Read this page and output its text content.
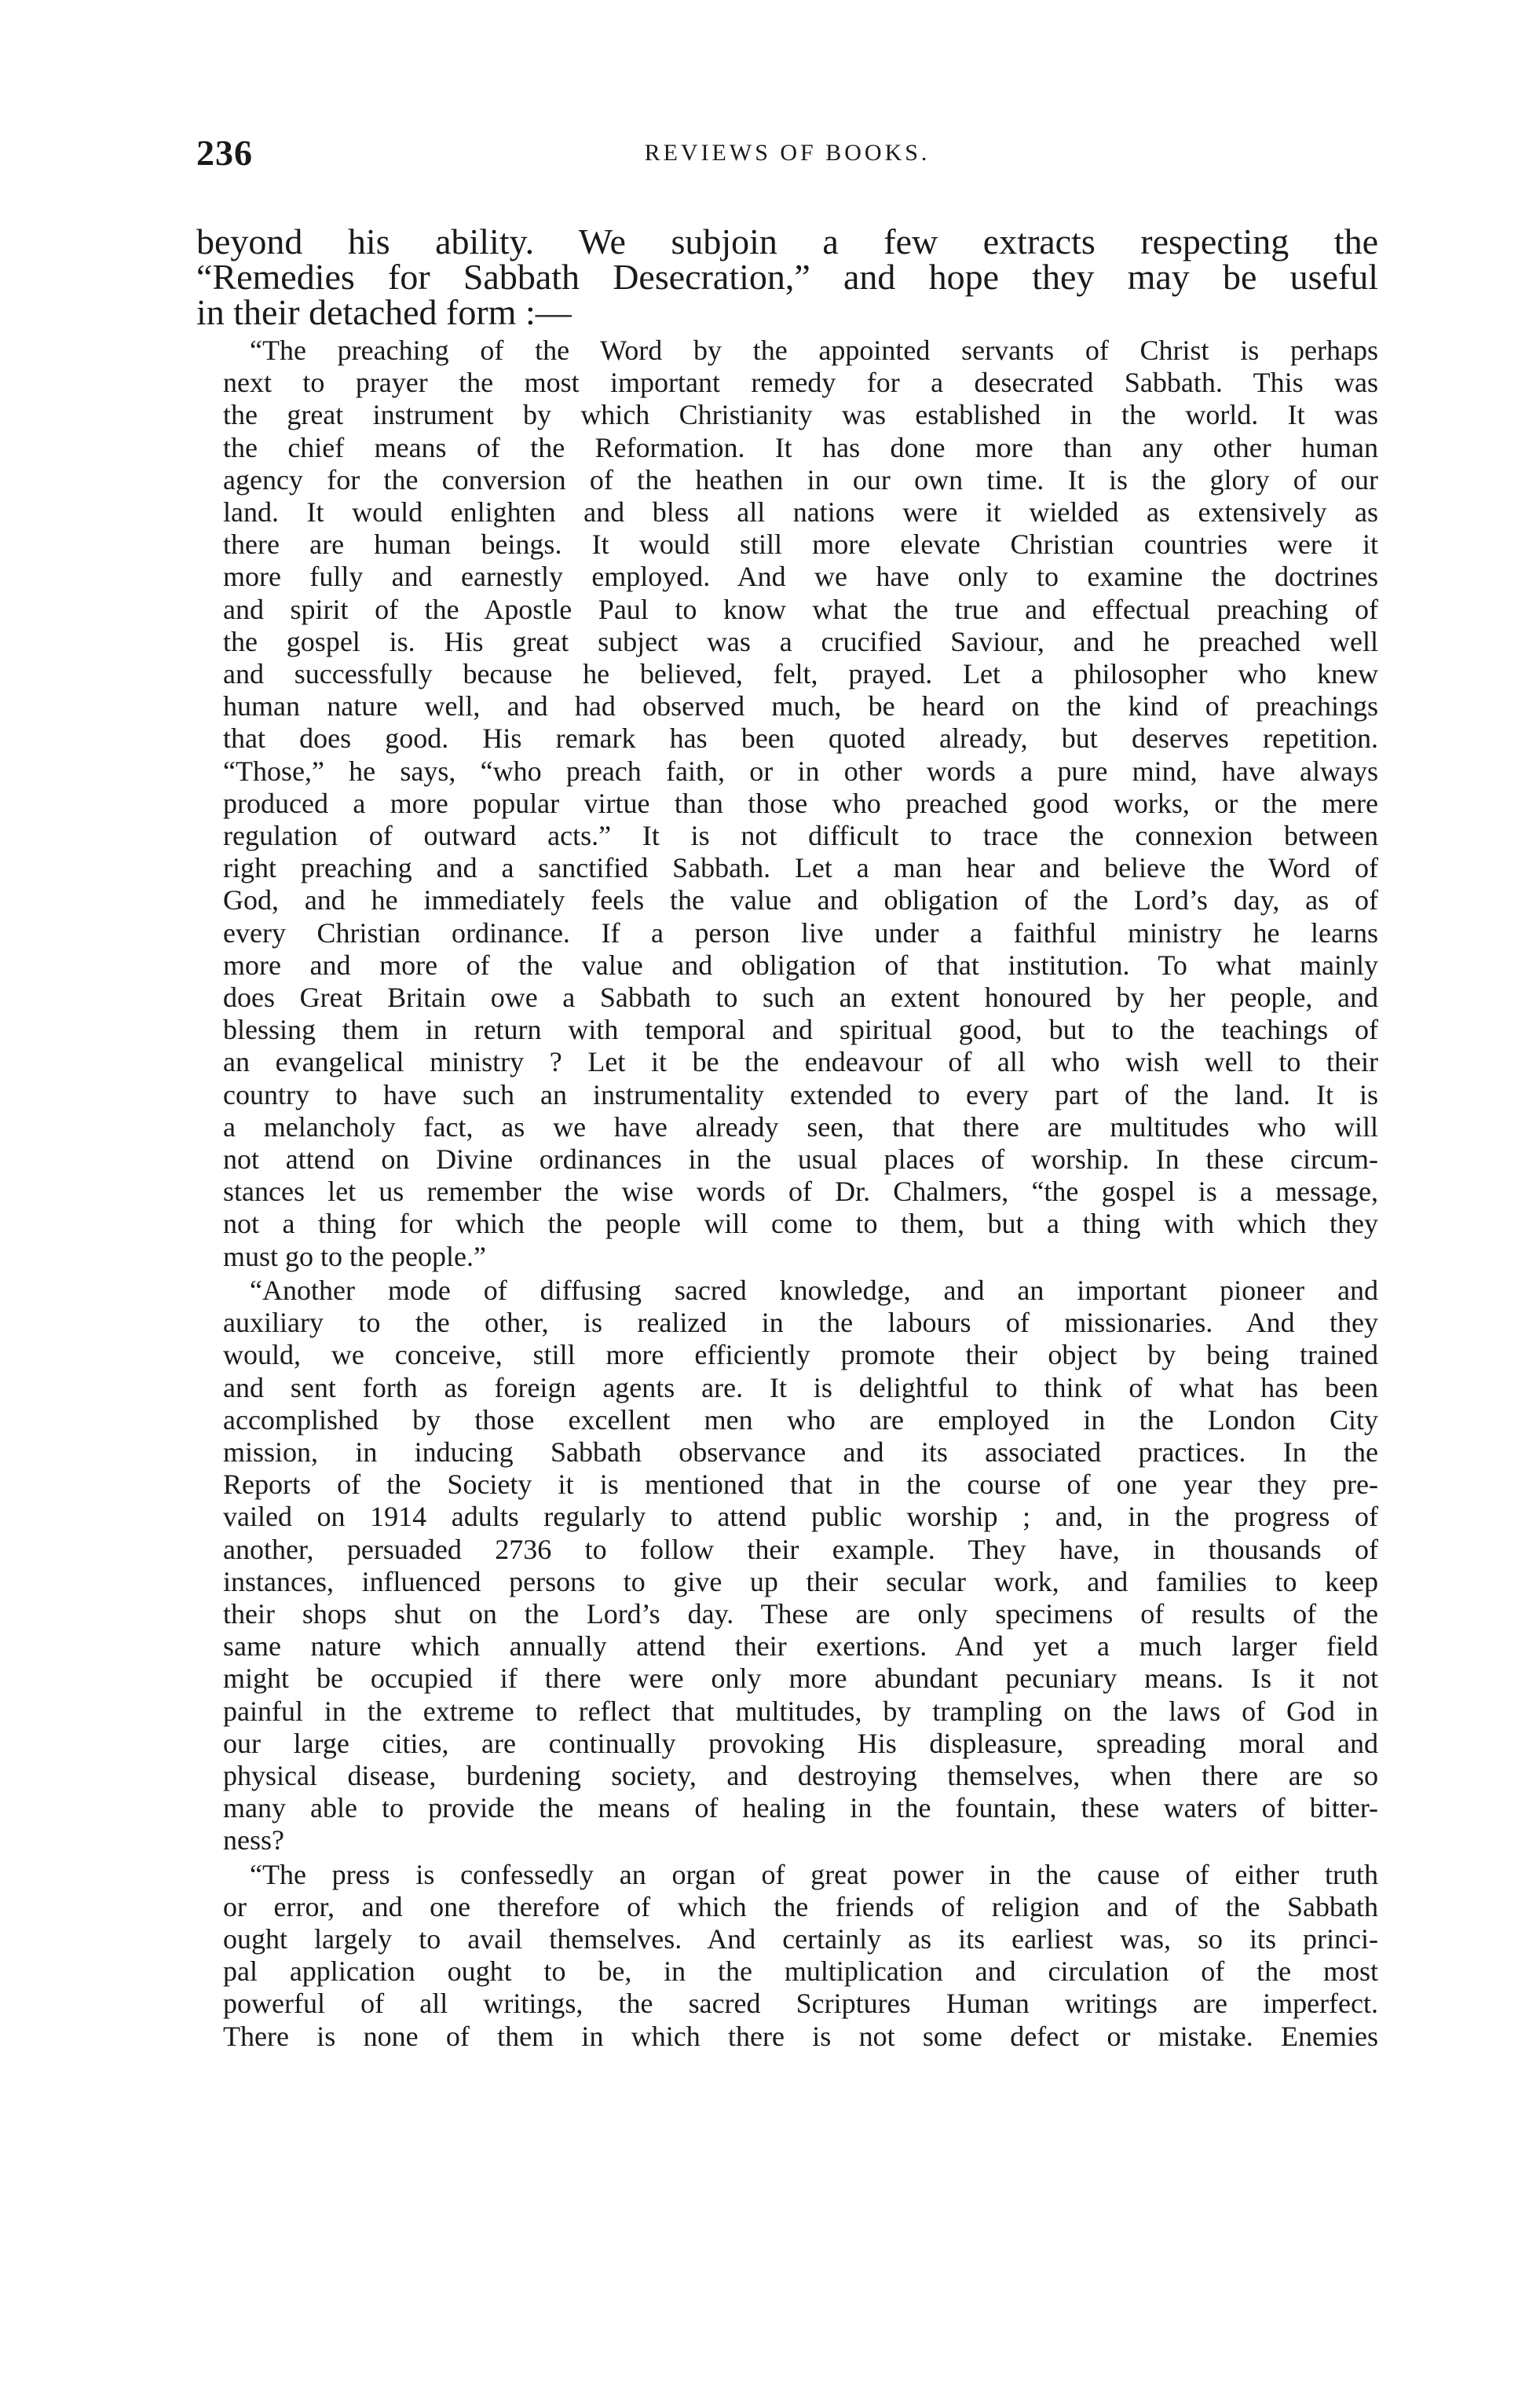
236	REVIEWS OF BOOKS.
beyond his ability. We subjoin a few extracts respecting the
“Remedies for Sabbath Desecration,” and hope they may be useful
in their detached form :—
“The preaching of the Word by the appointed servants of Christ is perhaps
next to prayer the most important remedy for a desecrated Sabbath. This was
the great instrument by which Christianity was established in the world. It was
the chief means of the Reformation. It has done more than any other human
agency for the conversion of the heathen in our own time. It is the glory of our
land. It would enlighten and bless all nations were it wielded as extensively as
there are human beings. It would still more elevate Christian countries were it
more fully and earnestly employed. And we have only to examine the doctrines
and spirit of the Apostle Paul to know what the true and effectual preaching of
the gospel is. His great subject was a crucified Saviour, and he preached well
and successfully because he believed, felt, prayed. Let a philosopher who knew
human nature well, and had observed much, be heard on the kind of preachings
that does good. His remark has been quoted already, but deserves repetition.
“Those,” he says, “who preach faith, or in other words a pure mind, have always
produced a more popular virtue than those who preached good works, or the mere
regulation of outward acts.” It is not difficult to trace the connexion between
right preaching and a sanctified Sabbath. Let a man hear and believe the Word of
God, and he immediately feels the value and obligation of the Lord’s day, as of
every Christian ordinance. If a person live under a faithful ministry he learns
more and more of the value and obligation of that institution. To what mainly
does Great Britain owe a Sabbath to such an extent honoured by her people, and
blessing them in return with temporal and spiritual good, but to the teachings of
an evangelical ministry ? Let it be the endeavour of all who wish well to their
country to have such an instrumentality extended to every part of the land. It is
a melancholy fact, as we have already seen, that there are multitudes who will
not attend on Divine ordinances in the usual places of worship. In these circum-
stances let us remember the wise words of Dr. Chalmers, “the gospel is a message,
not a thing for which the people will come to them, but a thing with which they
must go to the people.”
“Another mode of diffusing sacred knowledge, and an important pioneer and
auxiliary to the other, is realized in the labours of missionaries. And they
would, we conceive, still more efficiently promote their object by being trained
and sent forth as foreign agents are. It is delightful to think of what has been
accomplished by those excellent men who are employed in the London City
mission, in inducing Sabbath observance and its associated practices. In the
Reports of the Society it is mentioned that in the course of one year they pre-
vailed on 1914 adults regularly to attend public worship ; and, in the progress of
another, persuaded 2736 to follow their example. They have, in thousands of
instances, influenced persons to give up their secular work, and families to keep
their shops shut on the Lord’s day. These are only specimens of results of the
same nature which annually attend their exertions. And yet a much larger field
might be occupied if there were only more abundant pecuniary means. Is it not
painful in the extreme to reflect that multitudes, by trampling on the laws of God in
our large cities, are continually provoking His displeasure, spreading moral and
physical disease, burdening society, and destroying themselves, when there are so
many able to provide the means of healing in the fountain, these waters of bitter-
ness?
“The press is confessedly an organ of great power in the cause of either truth
or error, and one therefore of which the friends of religion and of the Sabbath
ought largely to avail themselves. And certainly as its earliest was, so its princi-
pal application ought to be, in the multiplication and circulation of the most
powerful of all writings, the sacred Scriptures Human writings are imperfect.
There is none of them in which there is not some defect or mistake. Enemies
